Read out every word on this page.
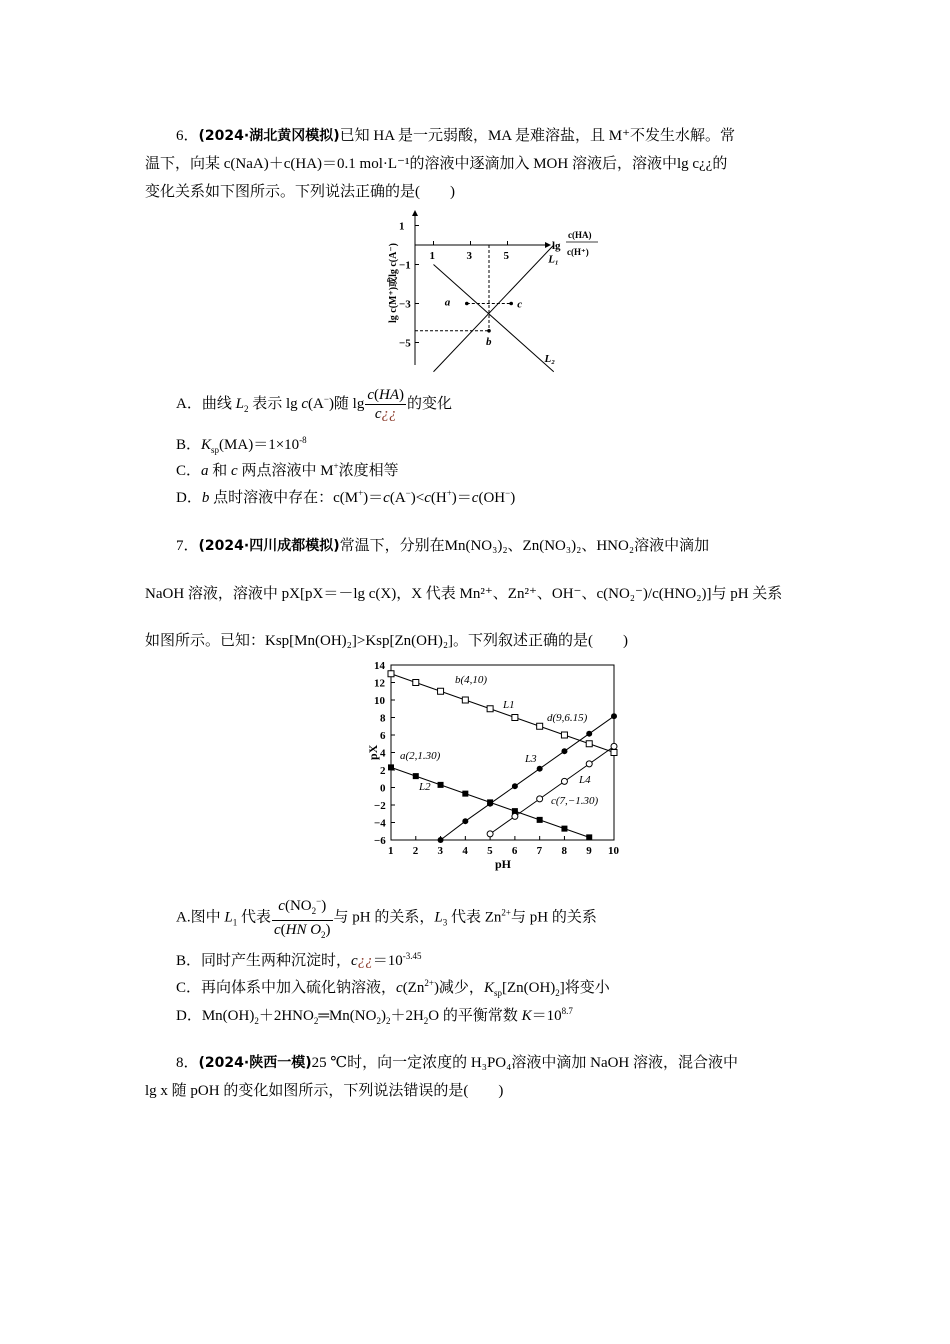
6．(2024·湖北黄冈模拟)已知 HA 是一元弱酸，MA 是难溶盐，且 M⁺不发生水解。常
温下，向某 c(NaA)＋c(HA)＝0.1 mol·L⁻¹的溶液中逐滴加入 MOH 溶液后，溶液中lg c¿¿的
变化关系如下图所示。下列说法正确的是(　　)
1	3	5
1
−1
−3
−5
L₁
L₂
a
b
c
lg c(M⁺)或lg c(A⁻)	lg
c(HA)
c(H⁺)
A．曲线 $L_2$ 表示 lg c(A−)随 $\lg \frac{c(HA)}{c¿¿}$ 的变化
B．$K_{sp}(MA)=1\times 10^{-8}$
C．a 和 c 两点溶液中 M+浓度相等
D．b 点时溶液中存在：c(M+)＝c(A−)<c(H+)＝c(OH−)
7．(2024·四川成都模拟)常温下，分别在Mn(NO₃)₂、Zn(NO₃)₂、HNO₂溶液中滴加
NaOH 溶液，溶液中 pX[pX＝－lg c(X)，X 代表 Mn²⁺、Zn²⁺、OH⁻、c(NO₂⁻)/c(HNO₂)]与 pH 关系
如图所示。已知：Ksp[Mn(OH)₂]>Ksp[Zn(OH)₂]。下列叙述正确的是(　　)
1 2 3 4 5 6 7 8 9 10
14
12
10
8
6
4
2
0
−2
−4
−6
pX
pH
b(4,10)
d(9,6.15)
a(2,1.30)
c(7,−1.30)
L1
L2
L3
L4
A.图中 $L_1$ 代表 $\frac{c(NO_2^-)}{c(HN O_2)}$ 与 pH 的关系，$L_3$ 代表 $Zn^{2+}$与 pH 的关系
B．同时产生两种沉淀时，$c¿¿=10^{-3.45}$
C．再向体系中加入硫化钠溶液，$c(Zn^{2+})$减少，$K_{sp}[Zn(OH)_2]$将变小
D．$Mn(OH)_2+2HNO_2═Mn(NO_2)_2+2H_2O$ 的平衡常数 $K=10^{8.7}$
8．(2024·陕西一模)25 ℃时，向一定浓度的 H₃PO₄溶液中滴加 NaOH 溶液，混合液中
lg x 随 pOH 的变化如图所示，下列说法错误的是(　　)
